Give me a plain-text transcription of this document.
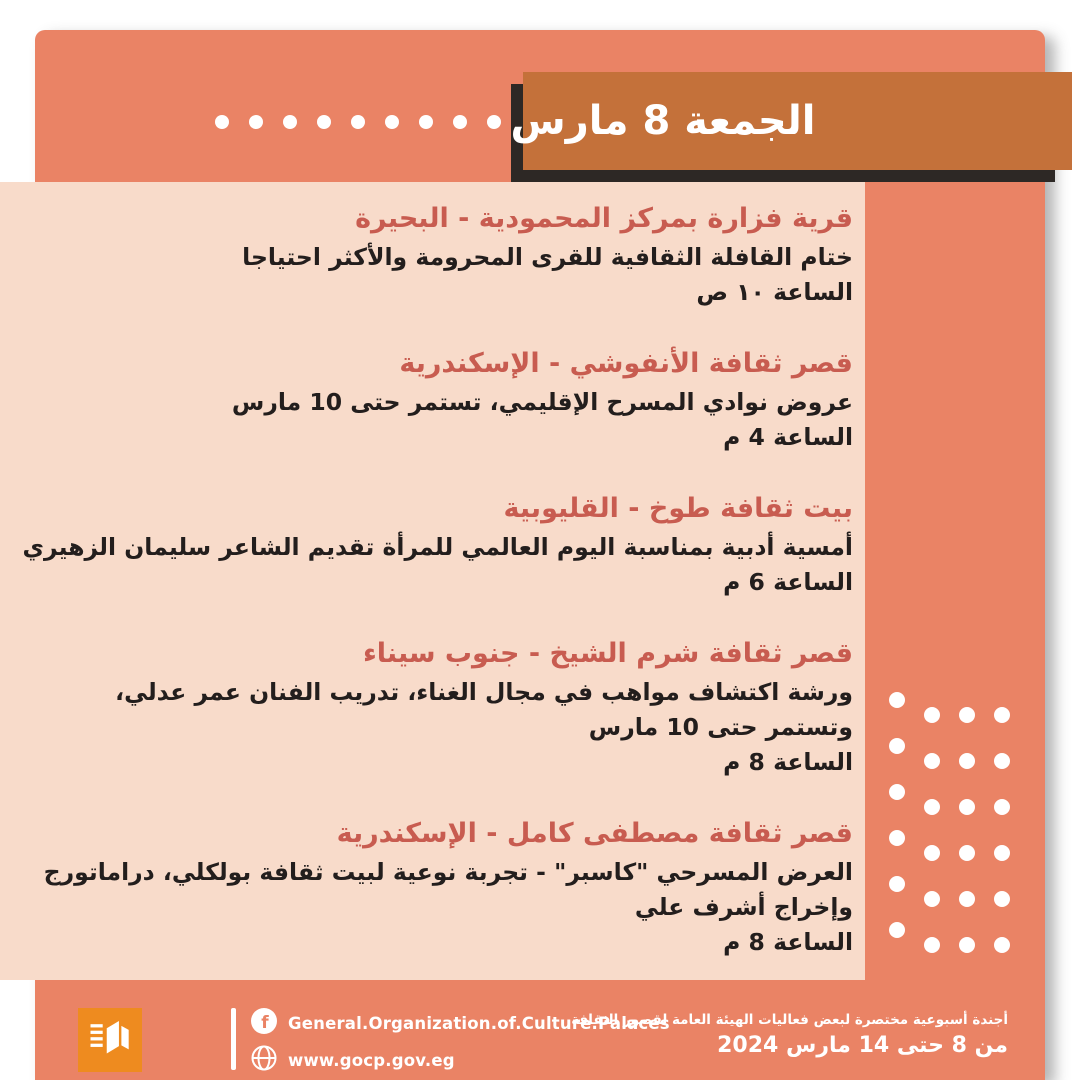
الجمعة 8 مارس
قرية فزارة بمركز المحمودية - البحيرة
ختام القافلة الثقافية للقرى المحرومة والأكثر احتياجا
الساعة ١٠ ص
قصر ثقافة الأنفوشي - الإسكندرية
عروض نوادي المسرح الإقليمي، تستمر حتى 10 مارس
الساعة 4 م
بيت ثقافة طوخ - القليوبية
أمسية أدبية بمناسبة اليوم العالمي للمرأة تقديم الشاعر سليمان الزهيري
الساعة 6 م
قصر ثقافة شرم الشيخ - جنوب سيناء
ورشة اكتشاف مواهب في مجال الغناء، تدريب الفنان عمر عدلي،
وتستمر حتى 10 مارس
الساعة 8 م
قصر ثقافة مصطفى كامل - الإسكندرية
العرض المسرحي "كاسبر" - تجربة نوعية لبيت ثقافة بولكلي، دراماتورج
وإخراج أشرف علي
الساعة 8 م
f General.Organization.of.Culture.Palaces
www.gocp.gov.eg
أجندة أسبوعية مختصرة لبعض فعاليات الهيئة العامة لقصور الثقافة
من 8 حتى 14 مارس 2024
